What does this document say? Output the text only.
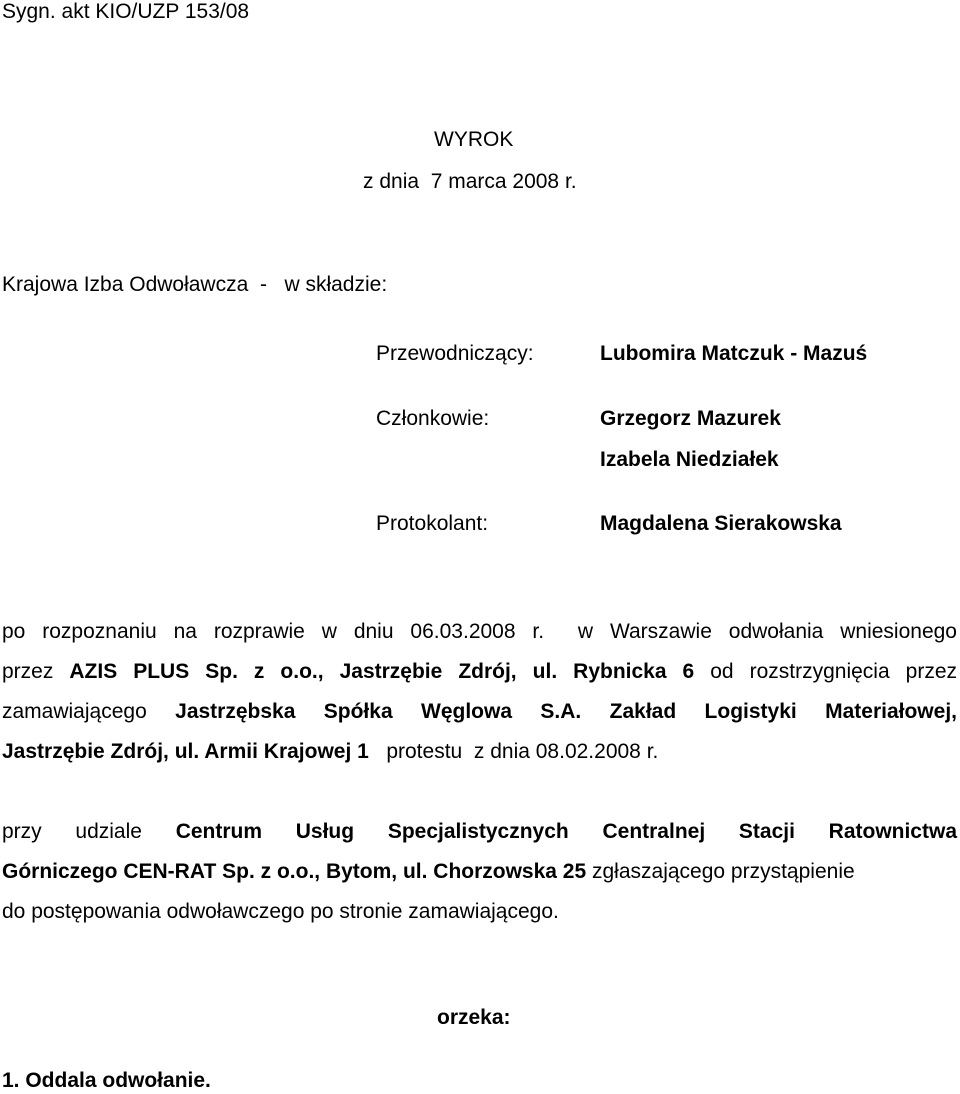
Sygn. akt KIO/UZP 153/08
WYROK
z dnia  7 marca 2008 r.
Krajowa Izba Odwoławcza  -   w składzie:
Przewodniczący:	Lubomira Matczuk - Mazuś
Członkowie:	Grzegorz Mazurek
Izabela Niedziałek
Protokolant:	Magdalena Sierakowska
po rozpoznaniu na rozprawie w dniu 06.03.2008 r.  w Warszawie odwołania wniesionego
przez AZIS PLUS Sp. z o.o., Jastrzębie Zdrój, ul. Rybnicka 6 od rozstrzygnięcia przez
zamawiającego Jastrzębska Spółka Węglowa S.A. Zakład Logistyki Materiałowej,
Jastrzębie Zdrój, ul. Armii Krajowej 1   protestu  z dnia 08.02.2008 r.
przy udziale Centrum Usług Specjalistycznych Centralnej Stacji Ratownictwa
Górniczego CEN-RAT Sp. z o.o., Bytom, ul. Chorzowska 25 zgłaszającego przystąpienie
do postępowania odwoławczego po stronie zamawiającego.
orzeka:
1. Oddala odwołanie.
